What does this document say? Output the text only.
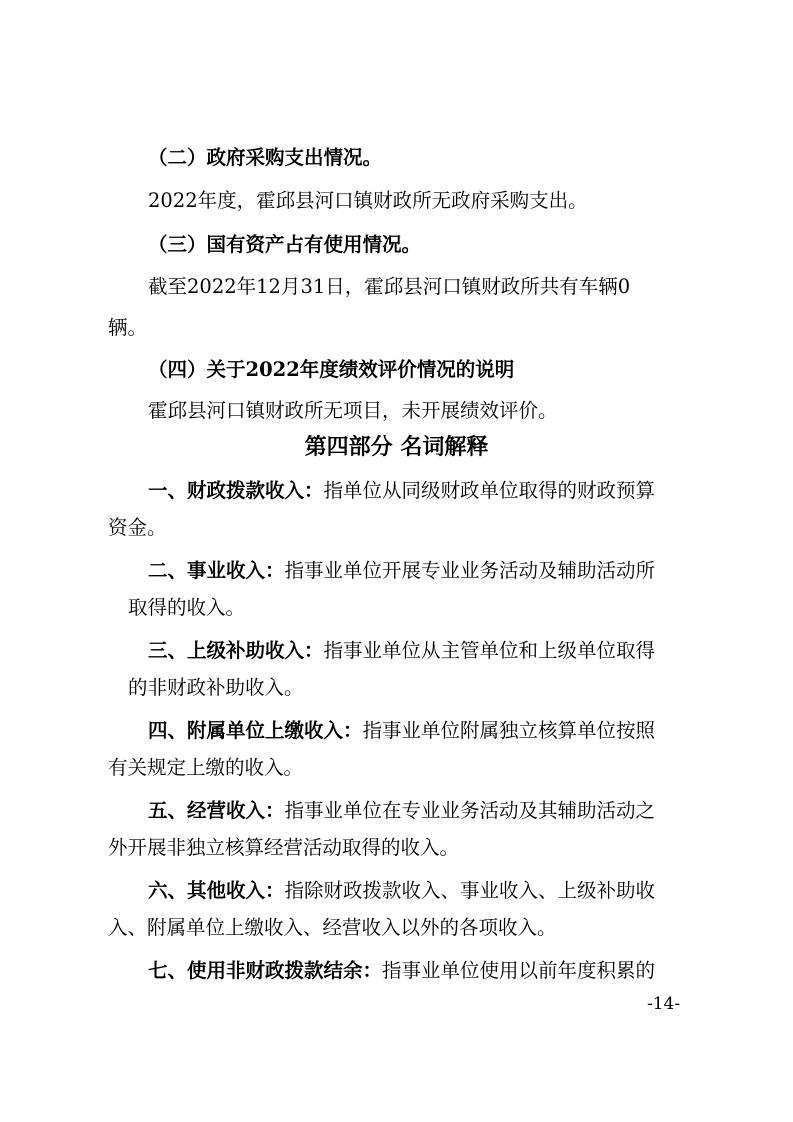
（二）政府采购支出情况。
2022年度，霍邱县河口镇财政所无政府采购支出。
（三）国有资产占有使用情况。
截至2022年12月31日，霍邱县河口镇财政所共有车辆0
辆。
（四）关于2022年度绩效评价情况的说明
霍邱县河口镇财政所无项目，未开展绩效评价。
第四部分 名词解释
一、财政拨款收入：指单位从同级财政单位取得的财政预算
资金。
二、事业收入：指事业单位开展专业业务活动及辅助活动所
取得的收入。
三、上级补助收入：指事业单位从主管单位和上级单位取得
的非财政补助收入。
四、附属单位上缴收入：指事业单位附属独立核算单位按照
有关规定上缴的收入。
五、经营收入：指事业单位在专业业务活动及其辅助活动之
外开展非独立核算经营活动取得的收入。
六、其他收入：指除财政拨款收入、事业收入、上级补助收
入、附属单位上缴收入、经营收入以外的各项收入。
七、使用非财政拨款结余：指事业单位使用以前年度积累的
-14-
